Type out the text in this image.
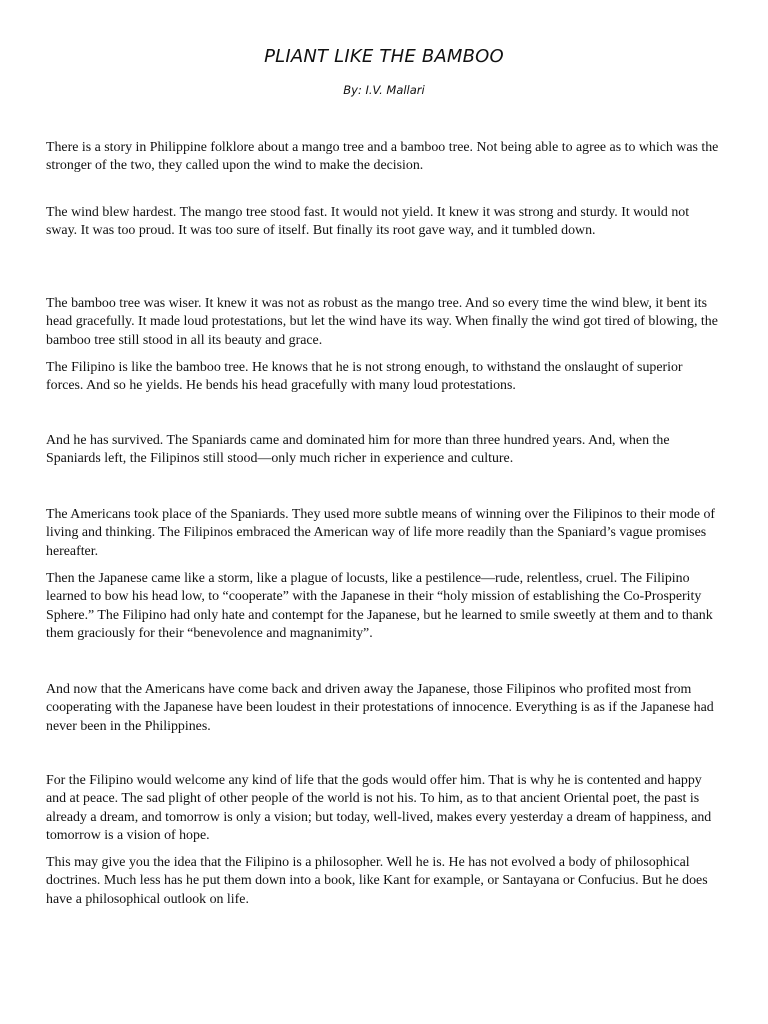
PLIANT LIKE THE BAMBOO

By: I.V. Mallari

There is a story in Philippine folklore about a mango tree and a bamboo tree. Not being able to agree as to which was the stronger of the two, they called upon the wind to make the decision.

The wind blew hardest. The mango tree stood fast. It would not yield. It knew it was strong and sturdy. It would not sway. It was too proud. It was too sure of itself. But finally its root gave way, and it tumbled down.

The bamboo tree was wiser. It knew it was not as robust as the mango tree. And so every time the wind blew, it bent its head gracefully. It made loud protestations, but let the wind have its way. When finally the wind got tired of blowing, the bamboo tree still stood in all its beauty and grace.

The Filipino is like the bamboo tree. He knows that he is not strong enough, to withstand the onslaught of superior forces. And so he yields. He bends his head gracefully with many loud protestations.

And he has survived. The Spaniards came and dominated him for more than three hundred years. And, when the Spaniards left, the Filipinos still stood—only much richer in experience and culture.

The Americans took place of the Spaniards. They used more subtle means of winning over the Filipinos to their mode of living and thinking. The Filipinos embraced the American way of life more readily than the Spaniard’s vague promises hereafter.

Then the Japanese came like a storm, like a plague of locusts, like a pestilence—rude, relentless, cruel. The Filipino learned to bow his head low, to “cooperate” with the Japanese in their “holy mission of establishing the Co-Prosperity Sphere.” The Filipino had only hate and contempt for the Japanese, but he learned to smile sweetly at them and to thank them graciously for their “benevolence and magnanimity”.

And now that the Americans have come back and driven away the Japanese, those Filipinos who profited most from cooperating with the Japanese have been loudest in their protestations of innocence. Everything is as if the Japanese had never been in the Philippines.

For the Filipino would welcome any kind of life that the gods would offer him. That is why he is contented and happy and at peace. The sad plight of other people of the world is not his. To him, as to that ancient Oriental poet, the past is already a dream, and tomorrow is only a vision; but today, well-lived, makes every yesterday a dream of happiness, and tomorrow is a vision of hope.

This may give you the idea that the Filipino is a philosopher. Well he is. He has not evolved a body of philosophical doctrines. Much less has he put them down into a book, like Kant for example, or Santayana or Confucius. But he does have a philosophical outlook on life.
